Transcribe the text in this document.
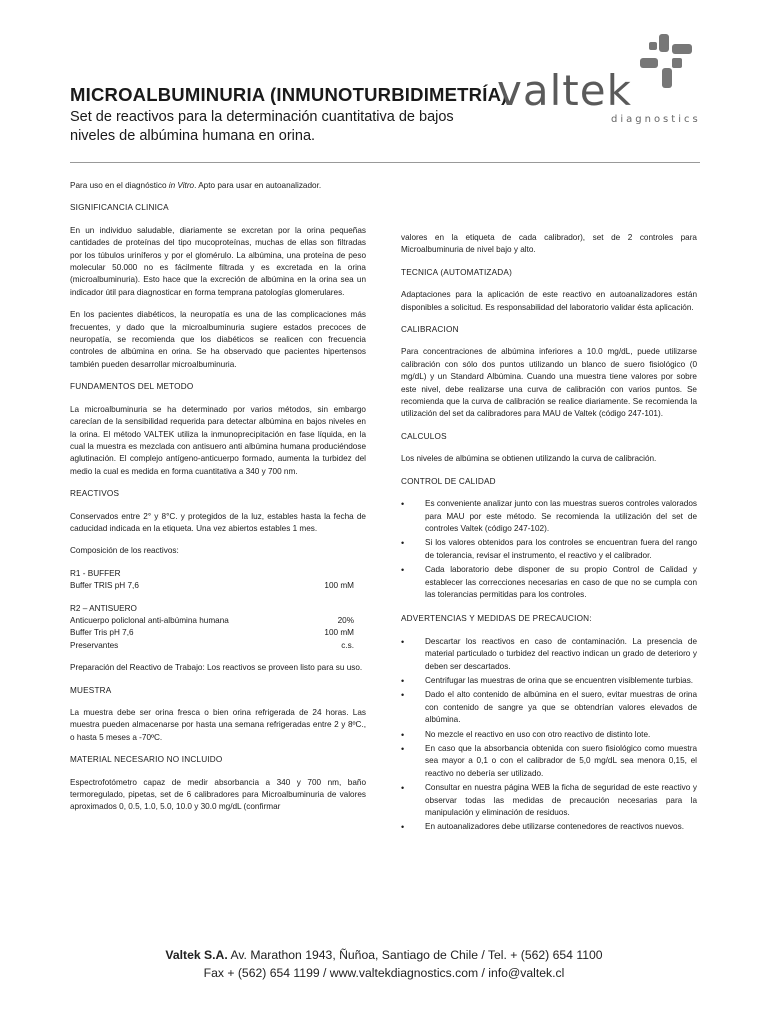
MICROALBUMINURIA (INMUNOTURBIDIMETRÍA)

Set de reactivos para la determinación cuantitativa de bajos niveles de albúmina humana en orina.

valtek
diagnostics

Para uso en el diagnóstico in Vitro. Apto para usar en autoanalizador.

SIGNIFICANCIA CLINICA

En un individuo saludable, diariamente se excretan por la orina pequeñas cantidades de proteínas del tipo mucoproteínas, muchas de ellas son filtradas por los túbulos uriníferos y por el glomérulo. La albúmina, una proteína de peso molecular 50.000 no es fácilmente filtrada y es excretada en la orina (microalbuminuria). Esto hace que la excreción de albúmina en la orina sea un indicador útil para diagnosticar en forma temprana patologías glomerulares.

En los pacientes diabéticos, la neuropatía es una de las complicaciones más frecuentes, y dado que la microalbuminuria sugiere estados precoces de neuropatía, se recomienda que los diabéticos se realicen con frecuencia controles de albúmina en orina. Se ha observado que pacientes hipertensos también pueden desarrollar microalbuminuria.

FUNDAMENTOS DEL METODO

La microalbuminuria se ha determinado por varios métodos, sin embargo carecían de la sensibilidad requerida para detectar albúmina en bajos niveles en la orina. El método VALTEK utiliza la inmunoprecipitación en fase líquida, en la cual la muestra es mezclada con antisuero anti albúmina humana produciéndose aglutinación. El complejo antígeno-anticuerpo formado, aumenta la turbidez del medio la cual es medida en forma cuantitativa a 340 y 700 nm.

REACTIVOS

Conservados entre 2° y 8°C. y protegidos de la luz, estables hasta la fecha de caducidad indicada en la etiqueta. Una vez abiertos estables 1 mes.

Composición de los reactivos:

R1 - BUFFER
Buffer TRIS pH 7,6	100 mM
R2 – ANTISUERO
Anticuerpo policlonal anti-albúmina humana	20%
Buffer Tris pH 7,6	100 mM
Preservantes	c.s.

Preparación del Reactivo de Trabajo: Los reactivos se proveen listo para su uso.

MUESTRA

La muestra debe ser orina fresca o bien orina refrigerada de 24 horas. Las muestra pueden almacenarse por hasta una semana refrigeradas entre 2 y 8ºC., o hasta 5 meses a -70ºC.

MATERIAL NECESARIO NO INCLUIDO

Espectrofotómetro capaz de medir absorbancia a 340 y 700 nm, baño termoregulado, pipetas, set de 6 calibradores para Microalbuminuria de valores aproximados 0, 0.5, 1.0, 5.0, 10.0 y 30.0 mg/dL (confirmar

valores en la etiqueta de cada calibrador), set de 2 controles para Microalbuminuria de nivel bajo y alto.

TECNICA (AUTOMATIZADA)

Adaptaciones para la aplicación de este reactivo en autoanalizadores están disponibles a solicitud. Es responsabilidad del laboratorio validar ésta aplicación.

CALIBRACION

Para concentraciones de albúmina inferiores a 10.0 mg/dL, puede utilizarse calibración con sólo dos puntos utilizando un blanco de suero fisiológico (0 mg/dL) y un Standard Albúmina. Cuando una muestra tiene valores por sobre este nivel, debe realizarse una curva de calibración con varios puntos. Se recomienda que la curva de calibración se realice diariamente. Se recomienda la utilización del set da calibradores para MAU de Valtek (código 247-101).

CALCULOS

Los niveles de albúmina se obtienen utilizando la curva de calibración.

CONTROL DE CALIDAD
• Es conveniente analizar junto con las muestras sueros controles valorados para MAU por este método. Se recomienda la utilización del set de controles Valtek (código 247-102).
• Si los valores obtenidos para los controles se encuentran fuera del rango de tolerancia, revisar el instrumento, el reactivo y el calibrador.
• Cada laboratorio debe disponer de su propio Control de Calidad y establecer las correcciones necesarias en caso de que no se cumpla con las tolerancias permitidas para los controles.
ADVERTENCIAS Y MEDIDAS DE PRECAUCION:
• Descartar los reactivos en caso de contaminación. La presencia de material particulado o turbidez del reactivo indican un grado de deterioro y deben ser descartados.
• Centrifugar las muestras de orina que se encuentren visiblemente turbias.
• Dado el alto contenido de albúmina en el suero, evitar muestras de orina con contenido de sangre ya que se obtendrían valores elevados de albúmina.
• No mezcle el reactivo en uso con otro reactivo de distinto lote.
• En caso que la absorbancia obtenida con suero fisiológico como muestra sea mayor a 0,1 o con el calibrador de 5,0 mg/dL sea menora 0,15, el reactivo no debería ser utilizado.
• Consultar en nuestra página WEB la ficha de seguridad de este reactivo y observar todas las medidas de precaución necesarias para la manipulación y eliminación de residuos.
• En autoanalizadores debe utilizarse contenedores de reactivos nuevos.
Valtek S.A. Av. Marathon 1943, Ñuñoa, Santiago de Chile / Tel. + (562) 654 1100
Fax + (562) 654 1199 / www.valtekdiagnostics.com / info@valtek.cl
